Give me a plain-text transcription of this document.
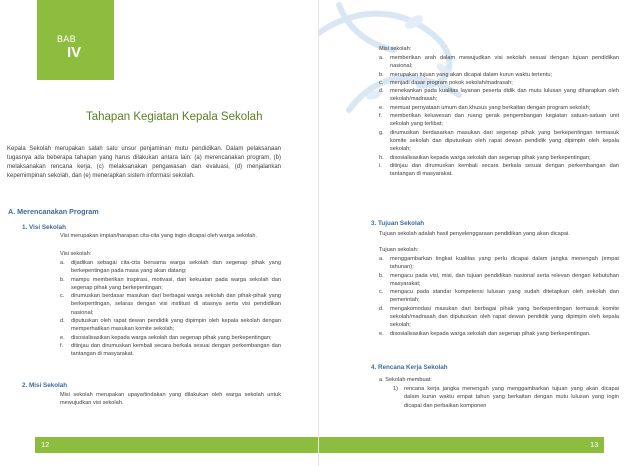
BAB
IV
Tahapan Kegiatan Kepala Sekolah
Kepala Sekolah merupakan salah satu unsur penjaminan mutu pendidikan. Dalam pelaksanaan tugasnya ada beberapa tahapan yang harus dilakukan antara lain: (a) merencanakan program, (b) melaksanakan rencana kerja, (c) melaksanakan pengawasan dan evaluasi, (d) menjalankan kepemimpinan sekolah, dan (e) menerapkan sistem informasi sekolah.
A. Merencanakan Program
1. Visi Sekolah
Visi merupakan impian/harapan cita-cita yang ingin dicapai oleh warga sekolah.
Visi sekolah:
a. dijadikan sebagai cita-cita bersama warga sekolah dan segenap pihak yang berkepentingan pada masa yang akan datang;
b. mampu memberikan inspirasi, motivasi, dan kekuatan pada warga sekolah dan segenap pihak yang berkepentingan;
c. dirumuskan berdasar masukan dari berbagai warga sekolah dan pihak-pihak yang berkepentingan, selaras dengan visi institusi di atasnya serta visi pendidikan nasional;
d. diputuskan oleh rapat dewan pendidik yang dipimpin oleh kepala sekolah dengan memperhatikan masukan komite sekolah;
e. disosialisasikan kepada warga sekolah dan segenap pihak yang berkepentingan;
f. ditinjau dan dirumuskan kembali secara berkala sesuai dengan perkembangan dan tantangan di masyarakat.
2. Misi Sekolah
Misi sekolah merupakan upaya/tindakan yang dilakukan oleh warga sekolah untuk mewujudkan visi sekolah.
12
Misi sekolah:
a. memberikan arah dalam mewujudkan visi sekolah sesuai dengan tujuan pendidikan nasional;
b. merupakan tujuan yang akan dicapai dalam kurun waktu tertentu;
c. menjadi dasar program pokok sekolah/madrasah;
d. menekankan pada kualitas layanan peserta didik dan mutu lulusan yang diharapkan oleh sekolah/madrasah;
e. memuat pernyataan umum dan khusus yang berkaitan dengan program sekolah;
f. memberikan keluwesan dan ruang gerak pengembangan kegiatan satuan-satuan unit sekolah yang terlibat;
g. dirumuskan berdasarkan masukan dari segenap pihak yang berkepentingan termasuk komite sekolah dan diputuskan oleh rapat dewan pendidik yang dipimpin oleh kepala sekolah;
h. disosialisasikan kepada warga sekolah dan segenap pihak yang berkepentingan;
i. ditinjau dan dirumuskan kembali secara berkala sesuai dengan perkembangan dan tantangan di masyarakat.
3. Tujuan Sekolah
Tujuan sekolah adalah hasil penyelenggaraan pendidikan yang akan dicapai.
Tujuan sekolah:
a. menggambarkan tingkat kualitas yang perlu dicapai dalam jangka menengah (empat tahunan);
b. mengacu pada visi, misi, dan tujuan pendidikan nasional serta relevan dengan kebutuhan masyarakat;
c. mengacu pada standar kompetensi lulusan yang sudah ditetapkan oleh sekolah dan pemerintah;
d. mengakomodasi masukan dari berbagai pihak yang berkepentingan termasuk komite sekolah/madrasah dan diputuskan oleh rapat dewan pendidik yang dipimpin oleh kepala sekolah;
e. disosialisasikan kepada warga sekolah dan segenap pihak yang berkepentingan.
4. Rencana Kerja Sekolah
a. Sekolah membuat:
1) rencana kerja jangka menengah yang menggambarkan tujuan yang akan dicapai dalam kurun waktu empat tahun yang berkaitan dengan mutu lulusan yang ingin dicapai dan perbaikan komponen
13
